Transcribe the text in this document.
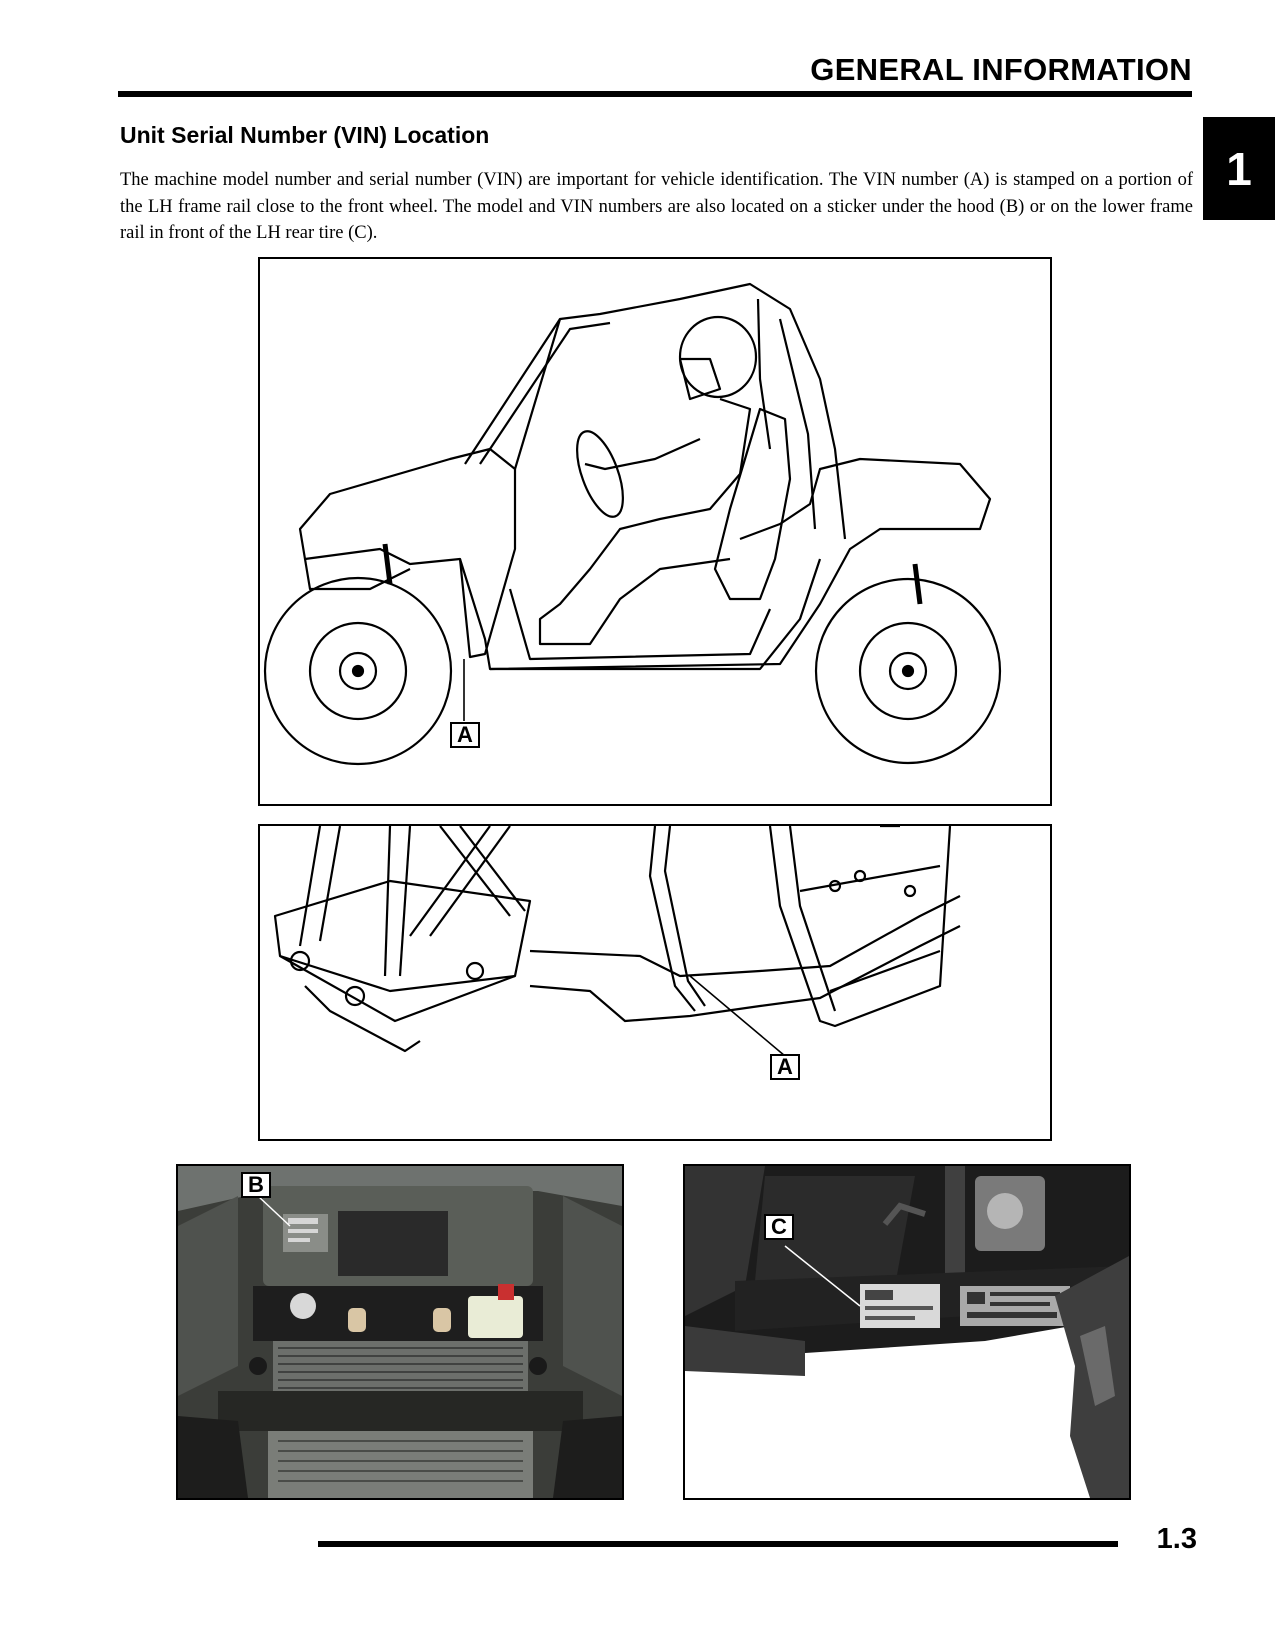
GENERAL INFORMATION
1
Unit Serial Number (VIN) Location

The machine model number and serial number (VIN) are important for vehicle identification. The VIN number (A) is stamped on a portion of the LH frame rail close to the front wheel. The model and VIN numbers are also located on a sticker under the hood (B) or on the lower frame rail in front of the LH rear tire (C).

A
A
B
C
1.3
